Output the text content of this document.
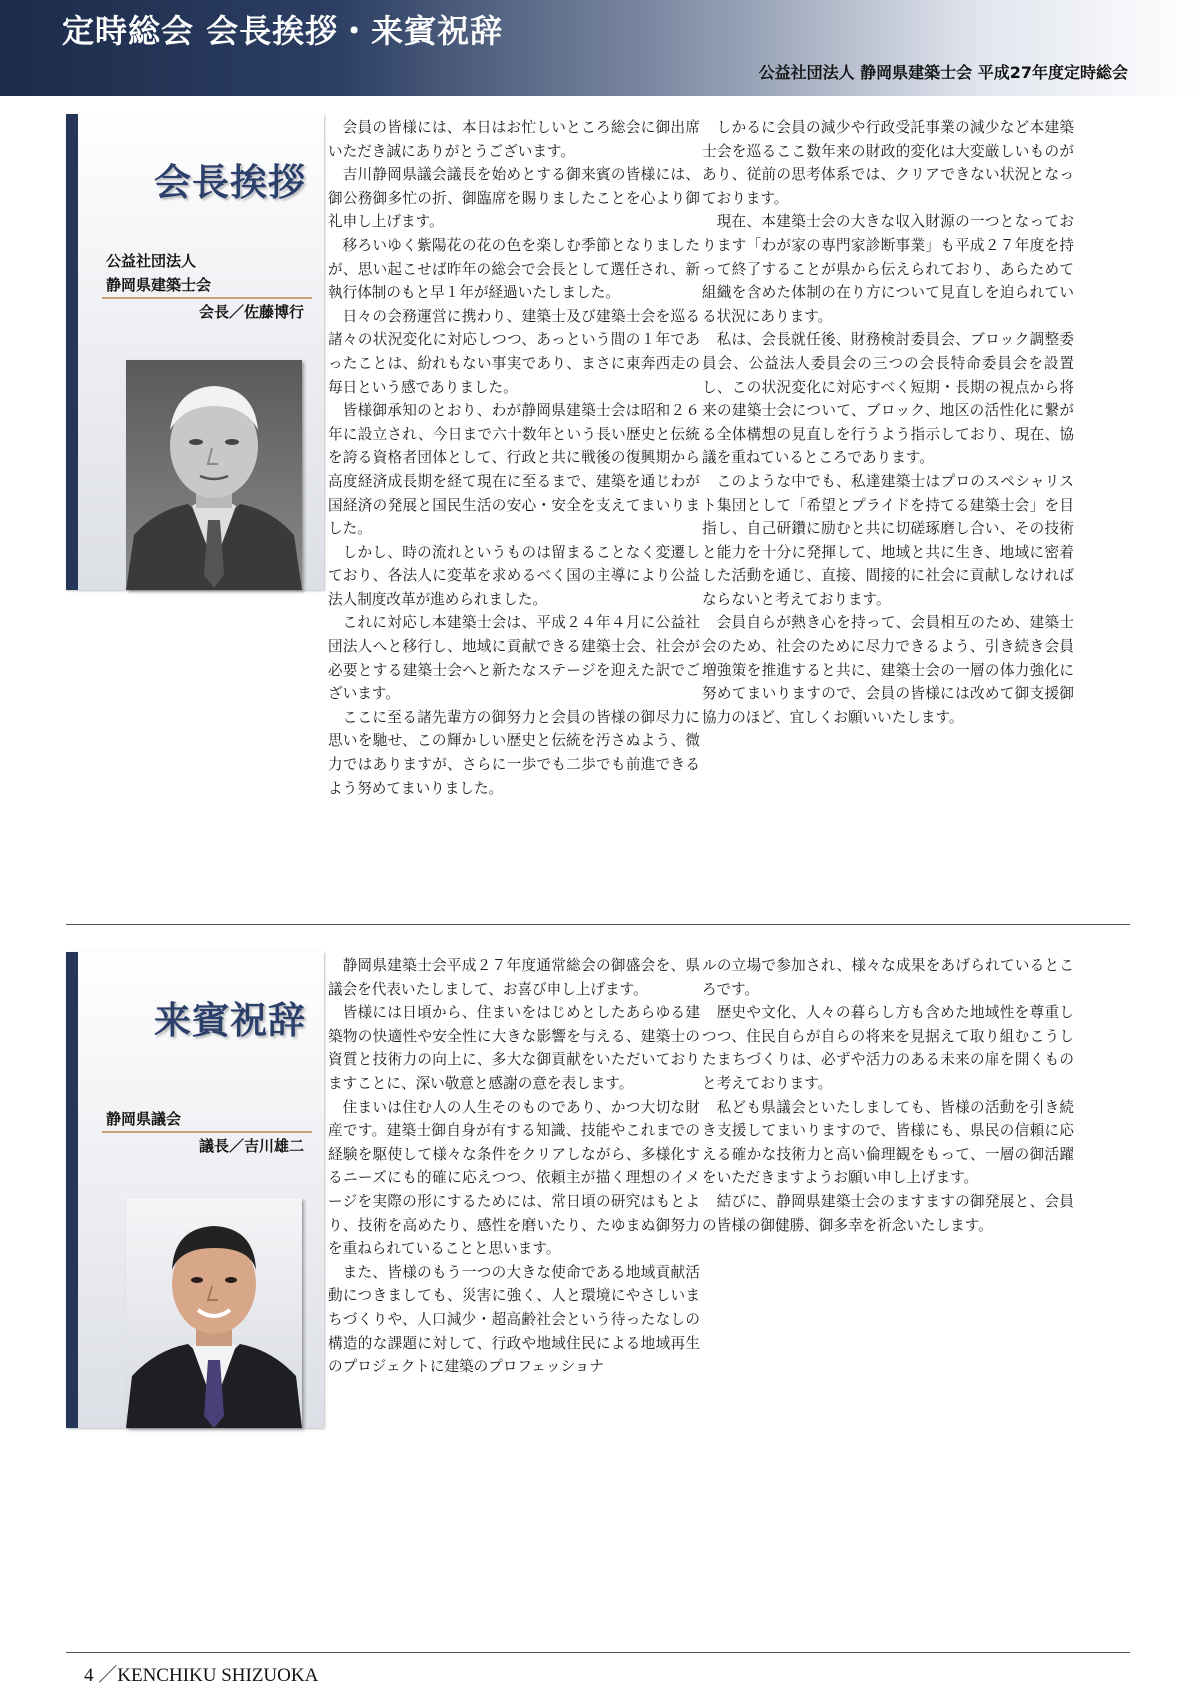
定時総会 会長挨拶・来賓祝辞
公益社団法人 静岡県建築士会 平成27年度定時総会
会長挨拶
公益社団法人
静岡県建築士会
会長／佐藤博行

会員の皆様には、本日はお忙しいところ総会に御出席いただき誠にありがとうございます。

吉川静岡県議会議長を始めとする御来賓の皆様には、御公務御多忙の折、御臨席を賜りましたことを心より御礼申し上げます。

移ろいゆく紫陽花の花の色を楽しむ季節となりましたが、思い起こせば昨年の総会で会長として選任され、新執行体制のもと早１年が経過いたしました。

日々の会務運営に携わり、建築士及び建築士会を巡る諸々の状況変化に対応しつつ、あっという間の１年であったことは、紛れもない事実であり、まさに東奔西走の毎日という感でありました。

皆様御承知のとおり、わが静岡県建築士会は昭和２６年に設立され、今日まで六十数年という長い歴史と伝統を誇る資格者団体として、行政と共に戦後の復興期から高度経済成長期を経て現在に至るまで、建築を通じわが国経済の発展と国民生活の安心・安全を支えてまいりました。

しかし、時の流れというものは留まることなく変遷しており、各法人に変革を求めるべく国の主導により公益法人制度改革が進められました。

これに対応し本建築士会は、平成２４年４月に公益社団法人へと移行し、地域に貢献できる建築士会、社会が必要とする建築士会へと新たなステージを迎えた訳でございます。

ここに至る諸先輩方の御努力と会員の皆様の御尽力に思いを馳せ、この輝かしい歴史と伝統を汚さぬよう、微力ではありますが、さらに一歩でも二歩でも前進できるよう努めてまいりました。

しかるに会員の減少や行政受託事業の減少など本建築士会を巡るここ数年来の財政的変化は大変厳しいものがあり、従前の思考体系では、クリアできない状況となっております。

現在、本建築士会の大きな収入財源の一つとなっております「わが家の専門家診断事業」も平成２７年度を持って終了することが県から伝えられており、あらためて組織を含めた体制の在り方について見直しを迫られている状況にあります。

私は、会長就任後、財務検討委員会、ブロック調整委員会、公益法人委員会の三つの会長特命委員会を設置し、この状況変化に対応すべく短期・長期の視点から将来の建築士会について、ブロック、地区の活性化に繋がる全体構想の見直しを行うよう指示しており、現在、協議を重ねているところであります。

このような中でも、私達建築士はプロのスペシャリスト集団として「希望とプライドを持てる建築士会」を目指し、自己研鑽に励むと共に切磋琢磨し合い、その技術と能力を十分に発揮して、地域と共に生き、地域に密着した活動を通じ、直接、間接的に社会に貢献しなければならないと考えております。

会員自らが熱き心を持って、会員相互のため、建築士会のため、社会のために尽力できるよう、引き続き会員増強策を推進すると共に、建築士会の一層の体力強化に努めてまいりますので、会員の皆様には改めて御支援御協力のほど、宜しくお願いいたします。

来賓祝辞
静岡県議会
議長／吉川雄二

静岡県建築士会平成２７年度通常総会の御盛会を、県議会を代表いたしまして、お喜び申し上げます。

皆様には日頃から、住まいをはじめとしたあらゆる建築物の快適性や安全性に大きな影響を与える、建築士の資質と技術力の向上に、多大な御貢献をいただいておりますことに、深い敬意と感謝の意を表します。

住まいは住む人の人生そのものであり、かつ大切な財産です。建築士御自身が有する知識、技能やこれまでの経験を駆使して様々な条件をクリアしながら、多様化するニーズにも的確に応えつつ、依頼主が描く理想のイメージを実際の形にするためには、常日頃の研究はもとより、技術を高めたり、感性を磨いたり、たゆまぬ御努力を重ねられていることと思います。

また、皆様のもう一つの大きな使命である地域貢献活動につきましても、災害に強く、人と環境にやさしいまちづくりや、人口減少・超高齢社会という待ったなしの構造的な課題に対して、行政や地域住民による地域再生のプロジェクトに建築のプロフェッショナ

ルの立場で参加され、様々な成果をあげられているところです。

歴史や文化、人々の暮らし方も含めた地域性を尊重しつつ、住民自らが自らの将来を見据えて取り組むこうしたまちづくりは、必ずや活力のある未来の扉を開くものと考えております。

私ども県議会といたしましても、皆様の活動を引き続き支援してまいりますので、皆様にも、県民の信頼に応える確かな技術力と高い倫理観をもって、一層の御活躍をいただきますようお願い申し上げます。

結びに、静岡県建築士会のますますの御発展と、会員の皆様の御健勝、御多幸を祈念いたします。

4 ／KENCHIKU SHIZUOKA
